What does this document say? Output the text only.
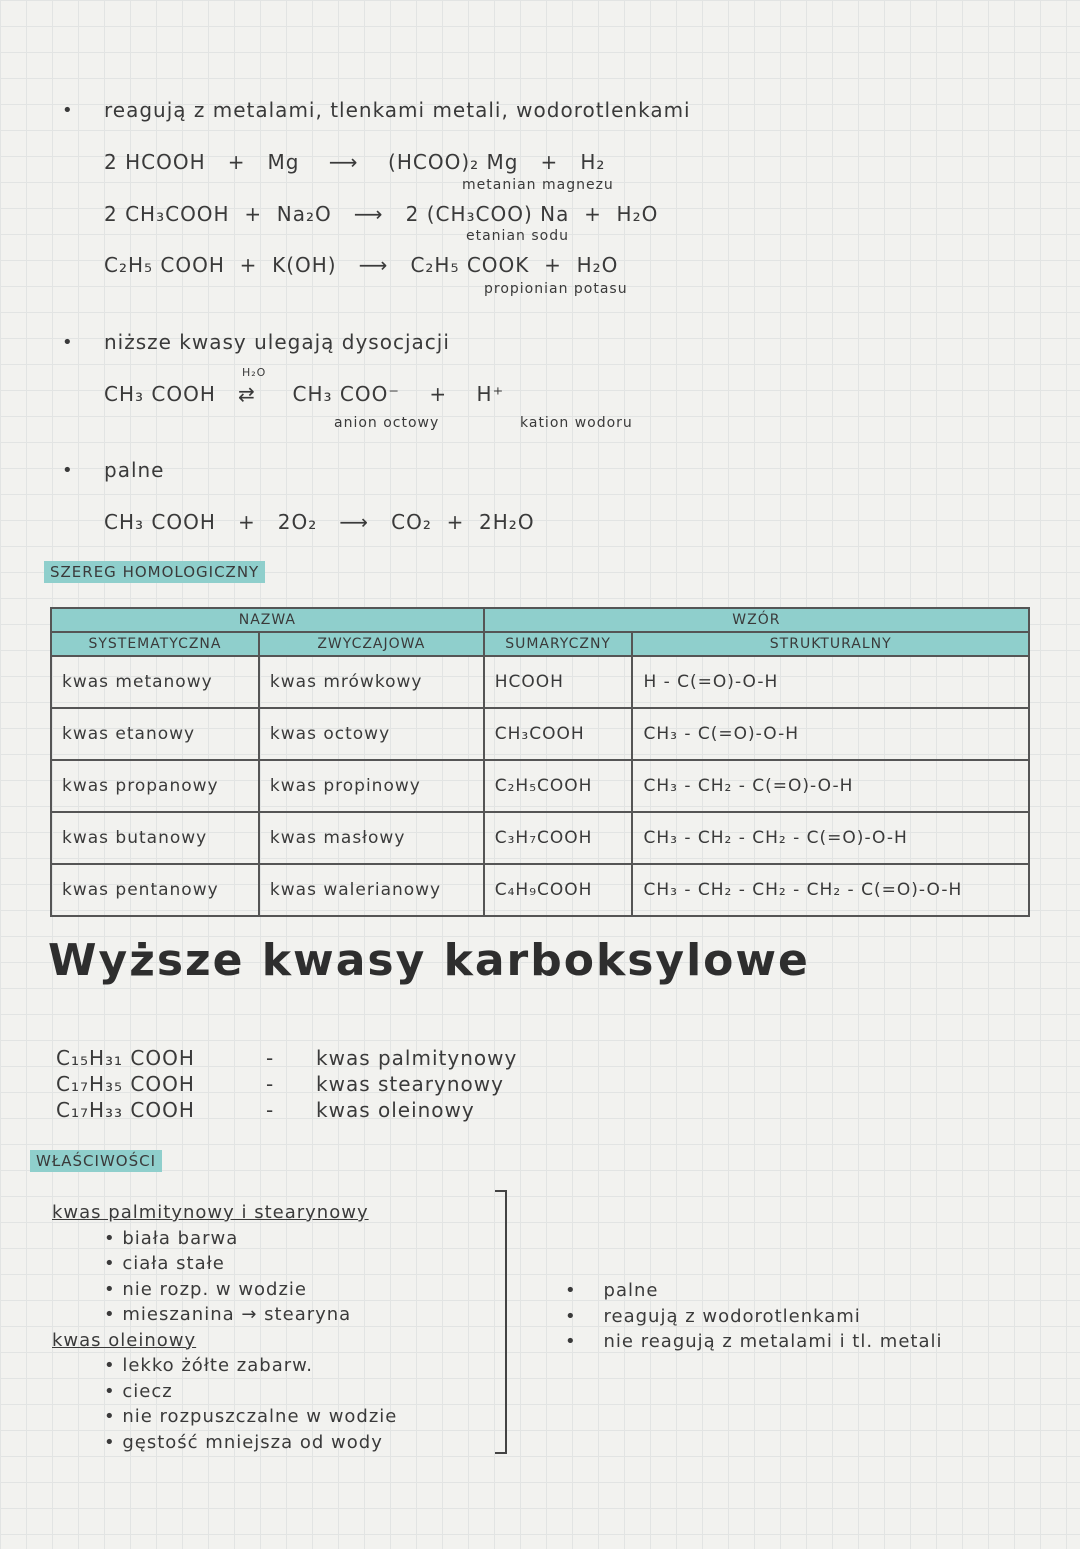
• reagują z metalami, tlenkami metali, wodorotlenkami
2 HCOOH + Mg ⟶ (HCOO)₂ Mg + H₂
metanian magnezu
2 CH₃COOH + Na₂O ⟶ 2 (CH₃COO) Na + H₂O
etanian sodu
C₂H₅ COOH + K(OH) ⟶ C₂H₅ COOK + H₂O
propionian potasu
• niższe kwasy ulegają dysocjacji
CH₃ COOH ⇄
H₂O
CH₃ COO⁻ + H⁺
anion octowy	kation wodoru
• palne
CH₃ COOH + 2O₂ ⟶ CO₂ + 2H₂O
SZEREG HOMOLOGICZNY
NAZWA		WZÓR	
SYSTEMATYCZNA	ZWYCZAJOWA	SUMARYCZNY	STRUKTURALNY
kwas metanowy	kwas mrówkowy	HCOOH	H - C(=O)-O-H
kwas etanowy	kwas octowy	CH₃COOH	CH₃ - C(=O)-O-H
kwas propanowy	kwas propinowy	C₂H₅COOH	CH₃ - CH₂ - C(=O)-O-H
kwas butanowy	kwas masłowy	C₃H₇COOH	CH₃ - CH₂ - CH₂ - C(=O)-O-H
kwas pentanowy	kwas walerianowy	C₄H₉COOH	CH₃ - CH₂ - CH₂ - CH₂ - C(=O)-O-H
Wyższe kwasy karboksylowe
C₁₅H₃₁ COOH	- kwas palmitynowy
C₁₇H₃₅ COOH	- kwas stearynowy
C₁₇H₃₃ COOH	- kwas oleinowy
WŁAŚCIWOŚCI
kwas palmitynowy i stearynowy
• biała barwa
• ciała stałe
• nie rozp. w wodzie
• mieszanina → stearyna
kwas oleinowy
• lekko żółte zabarw.
• ciecz
• nie rozpuszczalne w wodzie
• gęstość mniejsza od wody
•    palne
•    reagują z wodorotlenkami
•    nie reagują z metalami i tl. metali
